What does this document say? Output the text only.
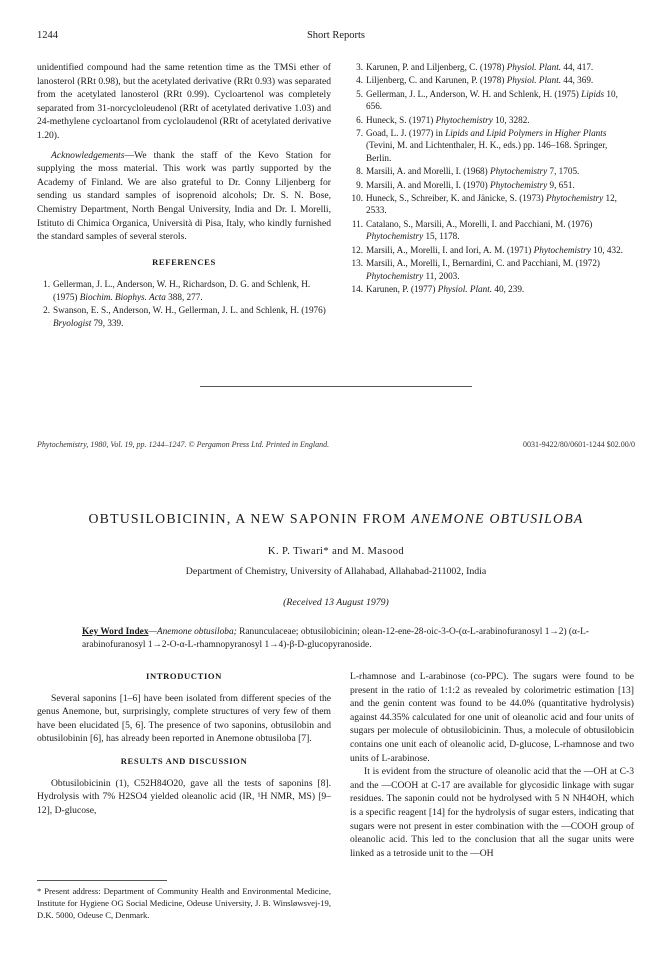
1244	Short Reports

unidentified compound had the same retention time as the TMSi ether of lanosterol (RRt 0.98), but the acetylated derivative (RRt 0.93) was separated from the acetylated lanosterol (RRt 0.99). Cycloartenol was completely separated from 31-norcycloleudenol (RRt of acetylated derivative 1.03) and 24-methylene cycloartanol from cyclolaudenol (RRt of acetylated derivative 1.20).

Acknowledgements—We thank the staff of the Kevo Station for supplying the moss material. This work was partly supported by the Academy of Finland. We are also grateful to Dr. Conny Liljenberg for sending us standard samples of isoprenoid alcohols; Dr. S. N. Bose, Chemistry Department, North Bengal University, India and Dr. I. Morelli, Istituto di Chimica Organica, Università di Pisa, Italy, who kindly furnished the standard samples of several sterols.

REFERENCES
1. Gellerman, J. L., Anderson, W. H., Richardson, D. G. and Schlenk, H. (1975) Biochim. Biophys. Acta 388, 277.
2. Swanson, E. S., Anderson, W. H., Gellerman, J. L. and Schlenk, H. (1976) Bryologist 79, 339.
3. Karunen, P. and Liljenberg, C. (1978) Physiol. Plant. 44, 417.
4. Liljenberg, C. and Karunen, P. (1978) Physiol. Plant. 44, 369.
5. Gellerman, J. L., Anderson, W. H. and Schlenk, H. (1975) Lipids 10, 656.
6. Huneck, S. (1971) Phytochemistry 10, 3282.
7. Goad, L. J. (1977) in Lipids and Lipid Polymers in Higher Plants (Tevini, M. and Lichtenthaler, H. K., eds.) pp. 146–168. Springer, Berlin.
8. Marsili, A. and Morelli, I. (1968) Phytochemistry 7, 1705.
9. Marsili, A. and Morelli, I. (1970) Phytochemistry 9, 651.
10. Huneck, S., Schreiber, K. and Jänicke, S. (1973) Phytochemistry 12, 2533.
11. Catalano, S., Marsili, A., Morelli, I. and Pacchiani, M. (1976) Phytochemistry 15, 1178.
12. Marsili, A., Morelli, I. and Iori, A. M. (1971) Phytochemistry 10, 432.
13. Marsili, A., Morelli, I., Bernardini, C. and Pacchiani, M. (1972) Phytochemistry 11, 2003.
14. Karunen, P. (1977) Physiol. Plant. 40, 239.
Phytochemistry, 1980, Vol. 19, pp. 1244–1247. © Pergamon Press Ltd. Printed in England.	0031-9422/80/0601-1244 $02.00/0
OBTUSILOBICININ, A NEW SAPONIN FROM ANEMONE OBTUSILOBA
K. P. Tiwari* and M. Masood
Department of Chemistry, University of Allahabad, Allahabad-211002, India
(Received 13 August 1979)
Key Word Index—Anemone obtusiloba; Ranunculaceae; obtusilobicinin; olean-12-ene-28-oic-3-O-(α-L-arabinofuranosyl 1→2) (α-L-arabinofuranosyl 1→2-O-α-L-rhamnopyranosyl 1→4)-β-D-glucopyranoside.
INTRODUCTION

Several saponins [1–6] have been isolated from different species of the genus Anemone, but, surprisingly, complete structures of very few of them have been elucidated [5, 6]. The presence of two saponins, obtusilobin and obtusilobinin [6], has already been reported in Anemone obtusiloba [7].

RESULTS AND DISCUSSION

Obtusilobicinin (1), C52H84O20, gave all the tests of saponins [8]. Hydrolysis with 7% H2SO4 yielded oleanolic acid (IR, ¹H NMR, MS) [9–12], D-glucose,

L-rhamnose and L-arabinose (co-PPC). The sugars were found to be present in the ratio of 1:1:2 as revealed by colorimetric estimation [13] and the genin content was found to be 44.0% (quantitative hydrolysis) against 44.35% calculated for one unit of oleanolic acid and four units of sugars per molecule of obtusilobicinin. Thus, a molecule of obtusilobicin contains one unit each of oleanolic acid, D-glucose, L-rhamnose and two units of L-arabinose.

It is evident from the structure of oleanolic acid that the —OH at C-3 and the —COOH at C-17 are available for glycosidic linkage with sugar residues. The saponin could not be hydrolysed with 5 N NH4OH, which is a specific reagent [14] for the hydrolysis of sugar esters, indicating that sugars were not present in ester combination with the —COOH group of oleanolic acid. This led to the conclusion that all the sugar units were linked as a tetroside unit to the —OH

* Present address: Department of Community Health and Environmental Medicine, Institute for Hygiene OG Social Medicine, Odeuse University, J. B. Winsløwsvej-19, D.K. 5000, Odeuse C, Denmark.
